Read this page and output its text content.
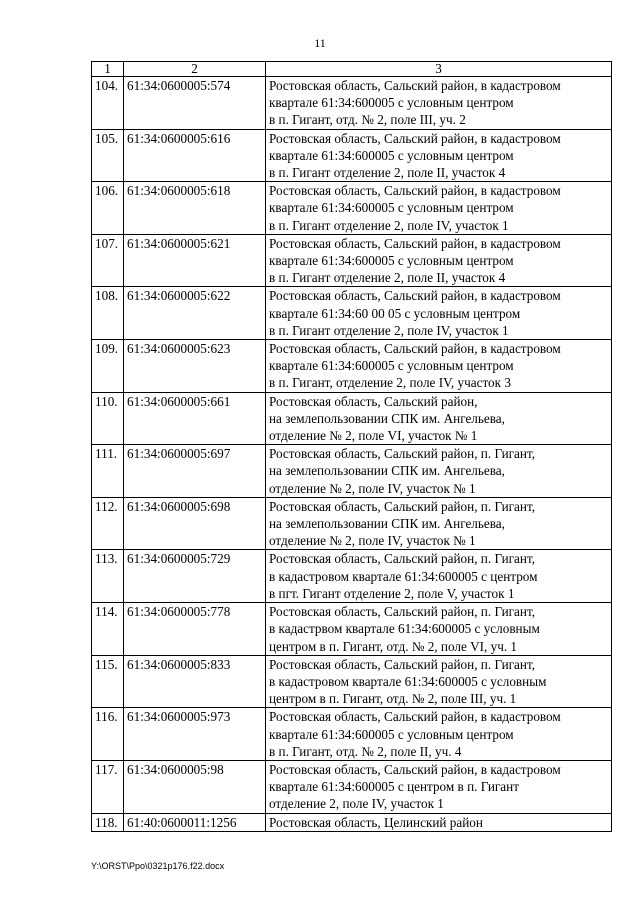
11
1	2	3
104.	61:34:0600005:574	Ростовская область, Сальский район, в кадастровом
квартале 61:34:600005 с условным центром
в п. Гигант, отд. № 2, поле III, уч. 2

105.	61:34:0600005:616	Ростовская область, Сальский район, в кадастровом
квартале 61:34:600005 с условным центром
в п. Гигант отделение 2, поле II, участок 4

106.	61:34:0600005:618	Ростовская область, Сальский район, в кадастровом
квартале 61:34:600005 с условным центром
в п. Гигант отделение 2, поле IV, участок 1

107.	61:34:0600005:621	Ростовская область, Сальский район, в кадастровом
квартале 61:34:600005 с условным центром
в п. Гигант отделение 2, поле II, участок 4

108.	61:34:0600005:622	Ростовская область, Сальский район, в кадастровом
квартале 61:34:60 00 05 с условным центром
в п. Гигант отделение 2, поле IV, участок 1

109.	61:34:0600005:623	Ростовская область, Сальский район, в кадастровом
квартале 61:34:600005 с условным центром
в п. Гигант, отделение 2, поле IV, участок 3

110.	61:34:0600005:661	Ростовская область, Сальский район,
на землепользовании СПК им. Ангельева,
отделение № 2, поле VI, участок № 1

111.	61:34:0600005:697	Ростовская область, Сальский район, п. Гигант,
на землепользовании СПК им. Ангельева,
отделение № 2, поле IV, участок № 1

112.	61:34:0600005:698	Ростовская область, Сальский район, п. Гигант,
на землепользовании СПК им. Ангельева,
отделение № 2, поле IV, участок № 1

113.	61:34:0600005:729	Ростовская область, Сальский район, п. Гигант,
в кадастровом квартале 61:34:600005 с центром
в пгт. Гигант отделение 2, поле V, участок 1

114.	61:34:0600005:778	Ростовская область, Сальский район, п. Гигант,
в кадастрвом квартале 61:34:600005 с условным
центром в п. Гигант, отд. № 2, поле VI, уч. 1

115.	61:34:0600005:833	Ростовская область, Сальский район, п. Гигант,
в кадастровом квартале 61:34:600005 с условным
центром в п. Гигант, отд. № 2, поле III, уч. 1

116.	61:34:0600005:973	Ростовская область, Сальский район, в кадастровом
квартале 61:34:600005 с условным центром
в п. Гигант, отд. № 2, поле II, уч. 4

117.	61:34:0600005:98	Ростовская область, Сальский район, в кадастровом
квартале 61:34:600005 с центром в п. Гигант
отделение 2, поле IV, участок 1

118.	61:40:0600011:1256	Ростовская область, Целинский район
Y:\ORST\Ppo\0321p176.f22.docx
